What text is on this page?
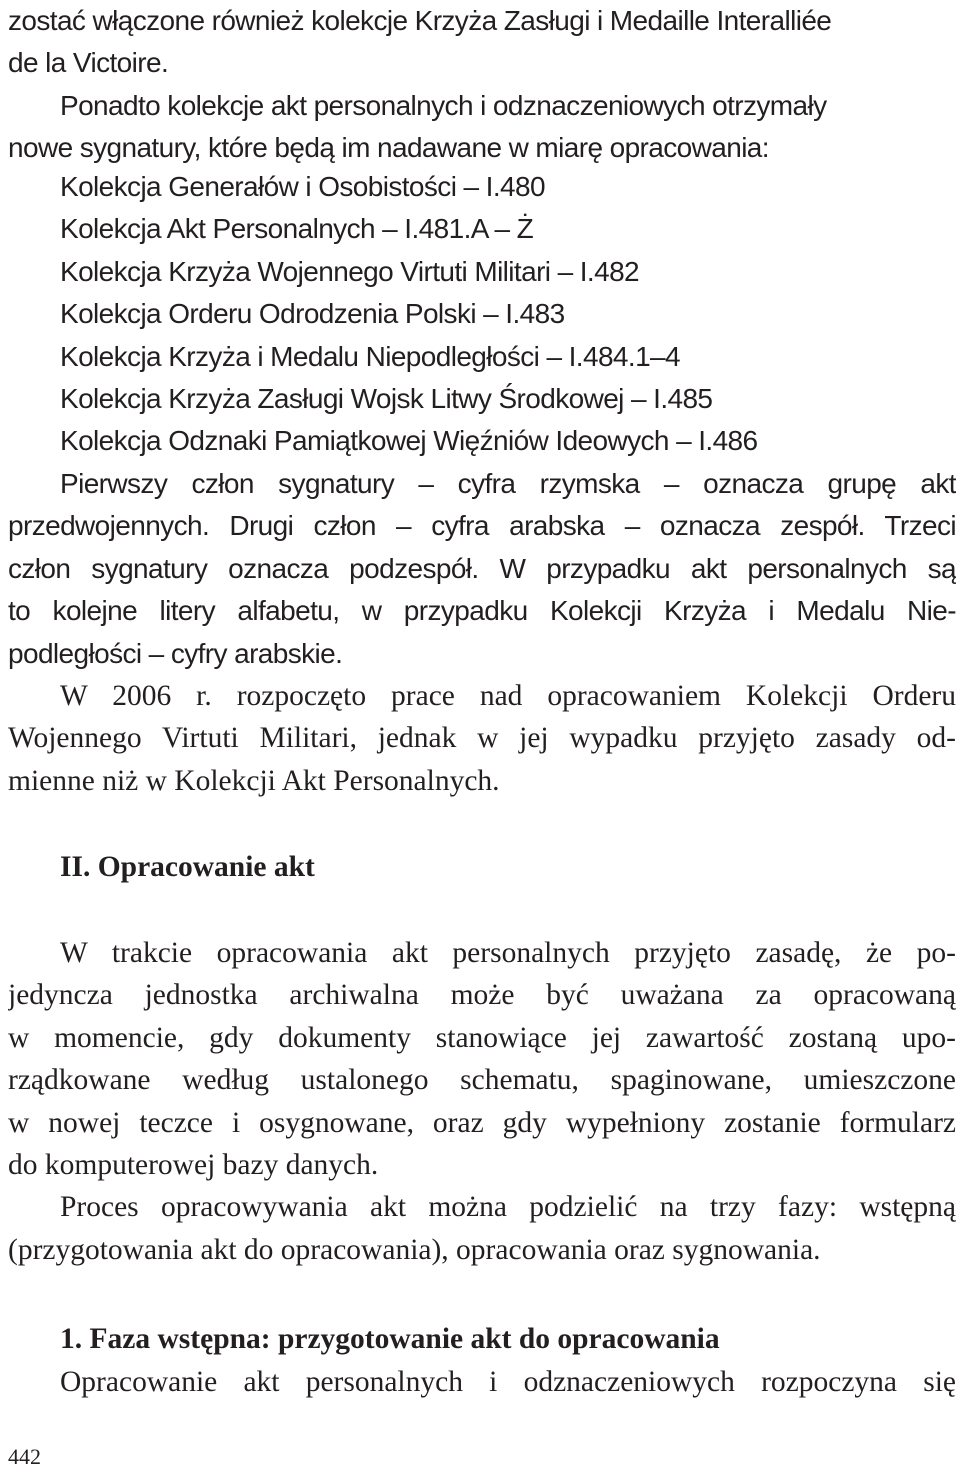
zostać włączone również kolekcje Krzyża Zasługi i Medaille Interalliée
de la Victoire.
Ponadto kolekcje akt personalnych i odznaczeniowych otrzymały
nowe sygnatury, które będą im nadawane w miarę opracowania:
Kolekcja Generałów i Osobistości – I.480
Kolekcja Akt Personalnych – I.481.A – Ż
Kolekcja Krzyża Wojennego Virtuti Militari – I.482
Kolekcja Orderu Odrodzenia Polski – I.483
Kolekcja Krzyża i Medalu Niepodległości – I.484.1–4
Kolekcja Krzyża Zasługi Wojsk Litwy Środkowej – I.485
Kolekcja Odznaki Pamiątkowej Więźniów Ideowych – I.486
Pierwszy człon sygnatury – cyfra rzymska – oznacza grupę akt
przedwojennych. Drugi człon – cyfra arabska – oznacza zespół. Trzeci
człon sygnatury oznacza podzespół. W przypadku akt personalnych są
to kolejne litery alfabetu, w przypadku Kolekcji Krzyża i Medalu Nie-
podległości – cyfry arabskie.
W 2006 r. rozpoczęto prace nad opracowaniem Kolekcji Orderu
Wojennego Virtuti Militari, jednak w jej wypadku przyjęto zasady od-
mienne niż w Kolekcji Akt Personalnych.
II. Opracowanie akt
W trakcie opracowania akt personalnych przyjęto zasadę, że po-
jedyncza jednostka archiwalna może być uważana za opracowaną
w momencie, gdy dokumenty stanowiące jej zawartość zostaną upo-
rządkowane według ustalonego schematu, spaginowane, umieszczone
w nowej teczce i osygnowane, oraz gdy wypełniony zostanie formularz
do komputerowej bazy danych.
Proces opracowywania akt można podzielić na trzy fazy: wstępną
(przygotowania akt do opracowania), opracowania oraz sygnowania.
1. Faza wstępna: przygotowanie akt do opracowania
Opracowanie akt personalnych i odznaczeniowych rozpoczyna się
442
